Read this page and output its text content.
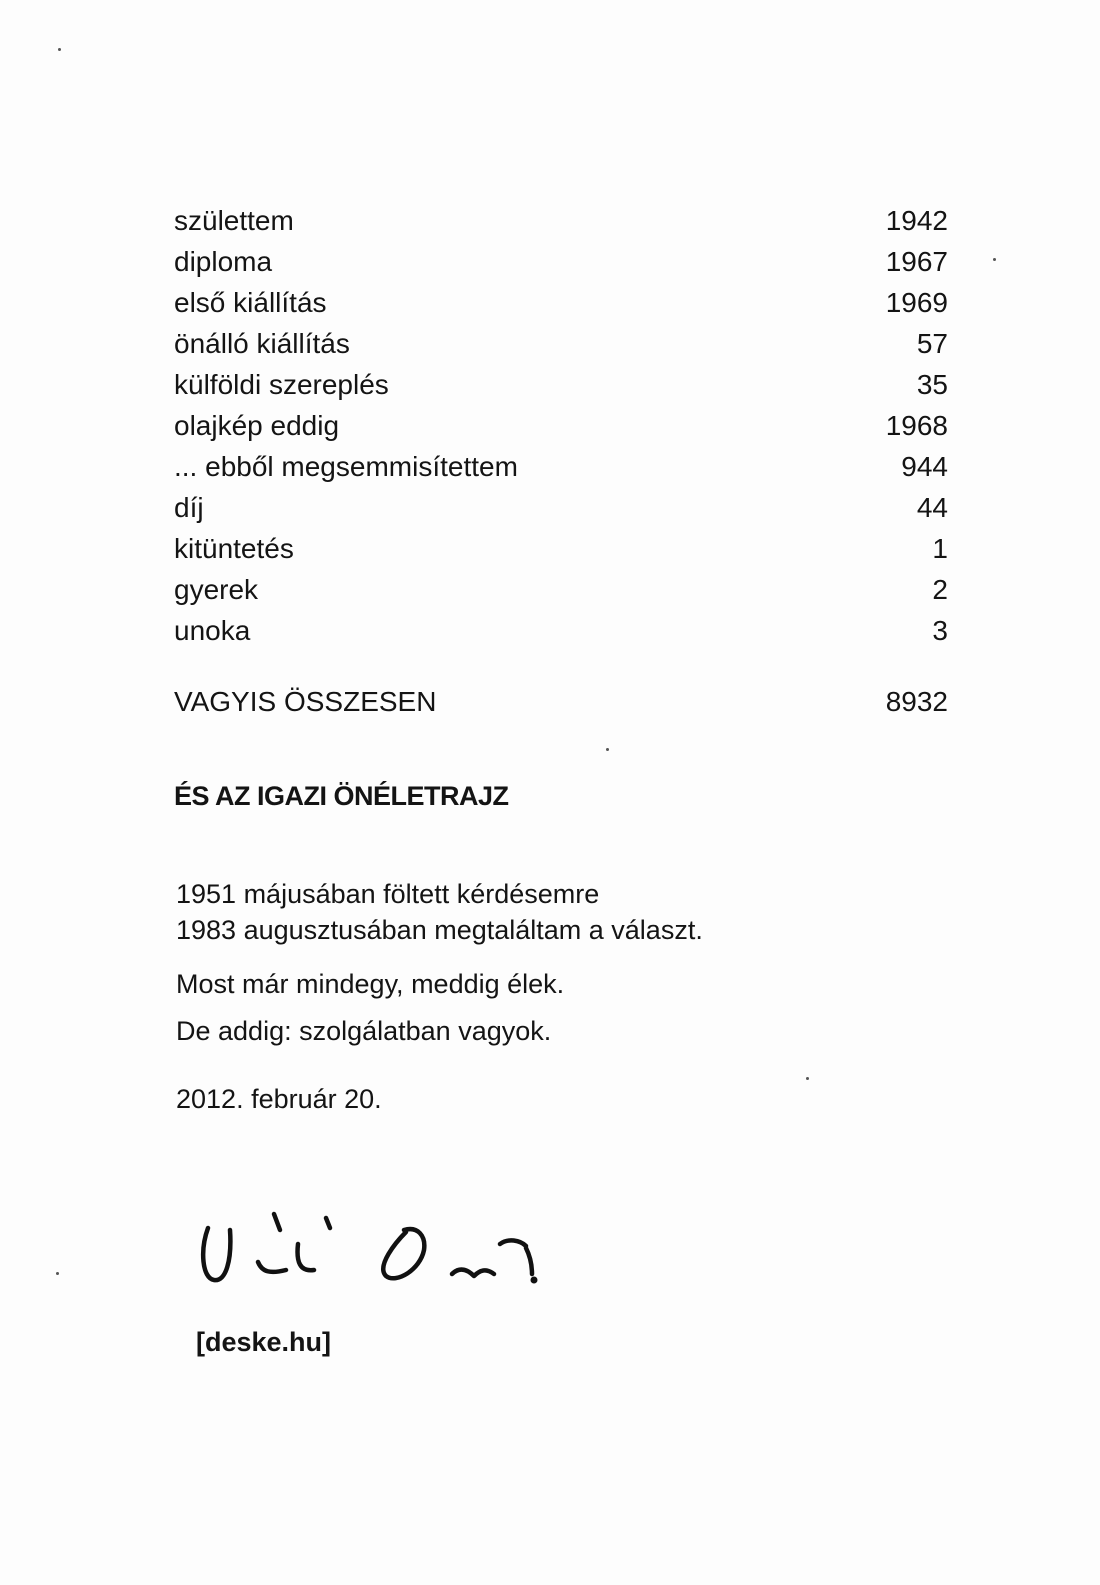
születtem	1942
diploma	1967
első kiállítás	1969
önálló kiállítás	57
külföldi szereplés	35
olajkép eddig	1968
... ebből megsemmisítettem	944
díj	44
kitüntetés	1
gyerek	2
unoka	3
VAGYIS ÖSSZESEN	8932
ÉS AZ IGAZI ÖNÉLETRAJZ
1951 májusában föltett kérdésemre
1983 augusztusában megtaláltam a választ.
Most már mindegy, meddig élek.
De addig: szolgálatban vagyok.
2012. február 20.
[deske.hu]
